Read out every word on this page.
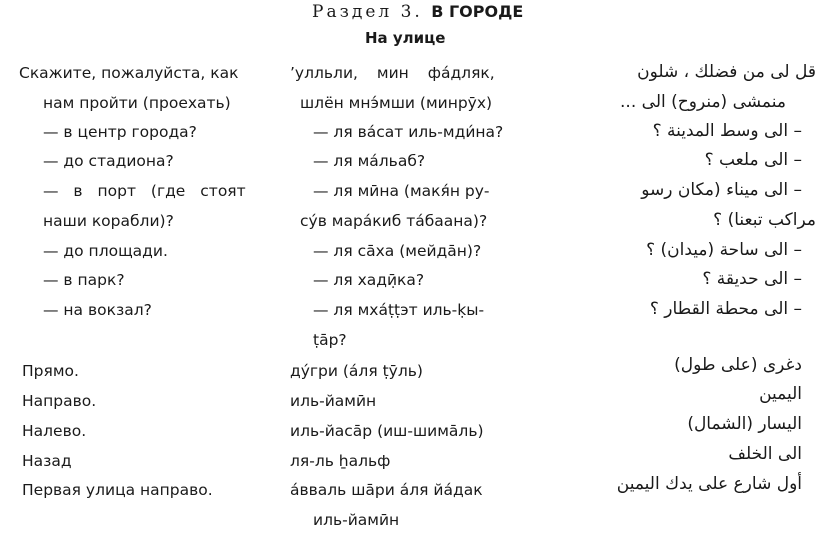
Раздел 3. В ГОРОДЕ
На улице
Скажите, пожалуйста, как
нам пройти (проехать)
— в центр города?
— до стадиона?
— в порт (где стоят
наши корабли)?
— до площади.
— в парк?
— на вокзал?
Прямо.
Направо.
Налево.
Назад
Первая улица направо.
’улльли, мин фа́дляк,
шлён мнэ́мши (минрӯх)
— ля ва́сат иль-мди́на?
— ля ма́льаб?
— ля мӣна (макя́н ру-
су́в мара́киб та́баана)?
— ля са̄ха (мейда̄н)?
— ля хадӣ̣ка?
— ля мха́ṭṭэт иль-ḳы-
ṭа̄р?
ду́гри (а́ля ṭӯль)
иль-йамӣн
иль-йаса̄р (иш-шима̄ль)
ля-ль ẖальф
а́вваль ша̄ри а́ля йа́дак
иль-йамӣн
قل لى من فضلك ، شلون
منمشى (منروح) الى ...
– الى وسط المدينة ؟
– الى ملعب ؟
– الى ميناء (مكان رسو
مراكب تبعنا) ؟
– الى ساحة (ميدان) ؟
– الى حديقة ؟
– الى محطة القطار ؟
دغرى (على طول)
اليمين
اليسار (الشمال)
الى الخلف
أول شارع على يدك اليمين
